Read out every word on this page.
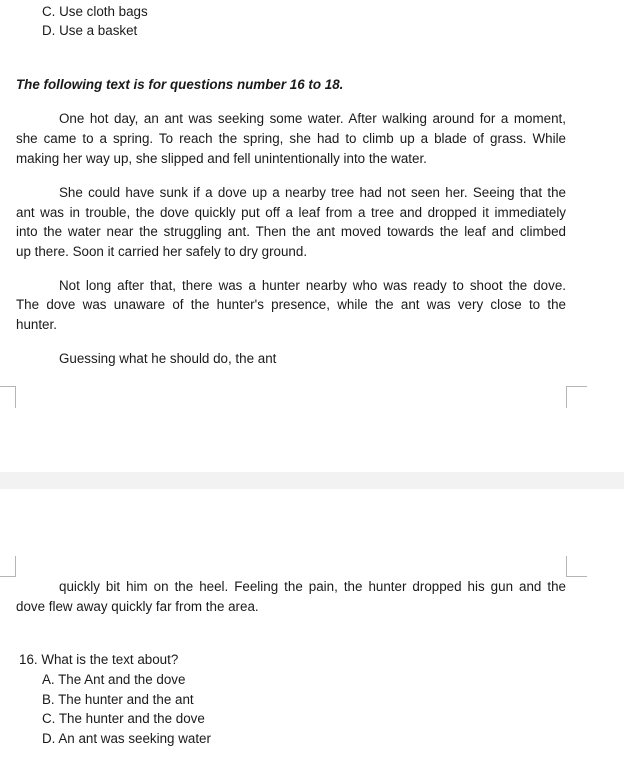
C. Use cloth bags
D. Use a basket
The following text is for questions number 16 to 18.
One hot day, an ant was seeking some water. After walking around for a moment,
she came to a spring. To reach the spring, she had to climb up a blade of grass. While
making her way up, she slipped and fell unintentionally into the water.
She could have sunk if a dove up a nearby tree had not seen her. Seeing that the
ant was in trouble, the dove quickly put off a leaf from a tree and dropped it immediately
into the water near the struggling ant. Then the ant moved towards the leaf and climbed
up there. Soon it carried her safely to dry ground.
Not long after that, there was a hunter nearby who was ready to shoot the dove.
The dove was unaware of the hunter's presence, while the ant was very close to the
hunter.
Guessing what he should do, the ant
quickly bit him on the heel. Feeling the pain, the hunter dropped his gun and the
dove flew away quickly far from the area.
16. What is the text about?
A. The Ant and the dove
B. The hunter and the ant
C. The hunter and the dove
D. An ant was seeking water
